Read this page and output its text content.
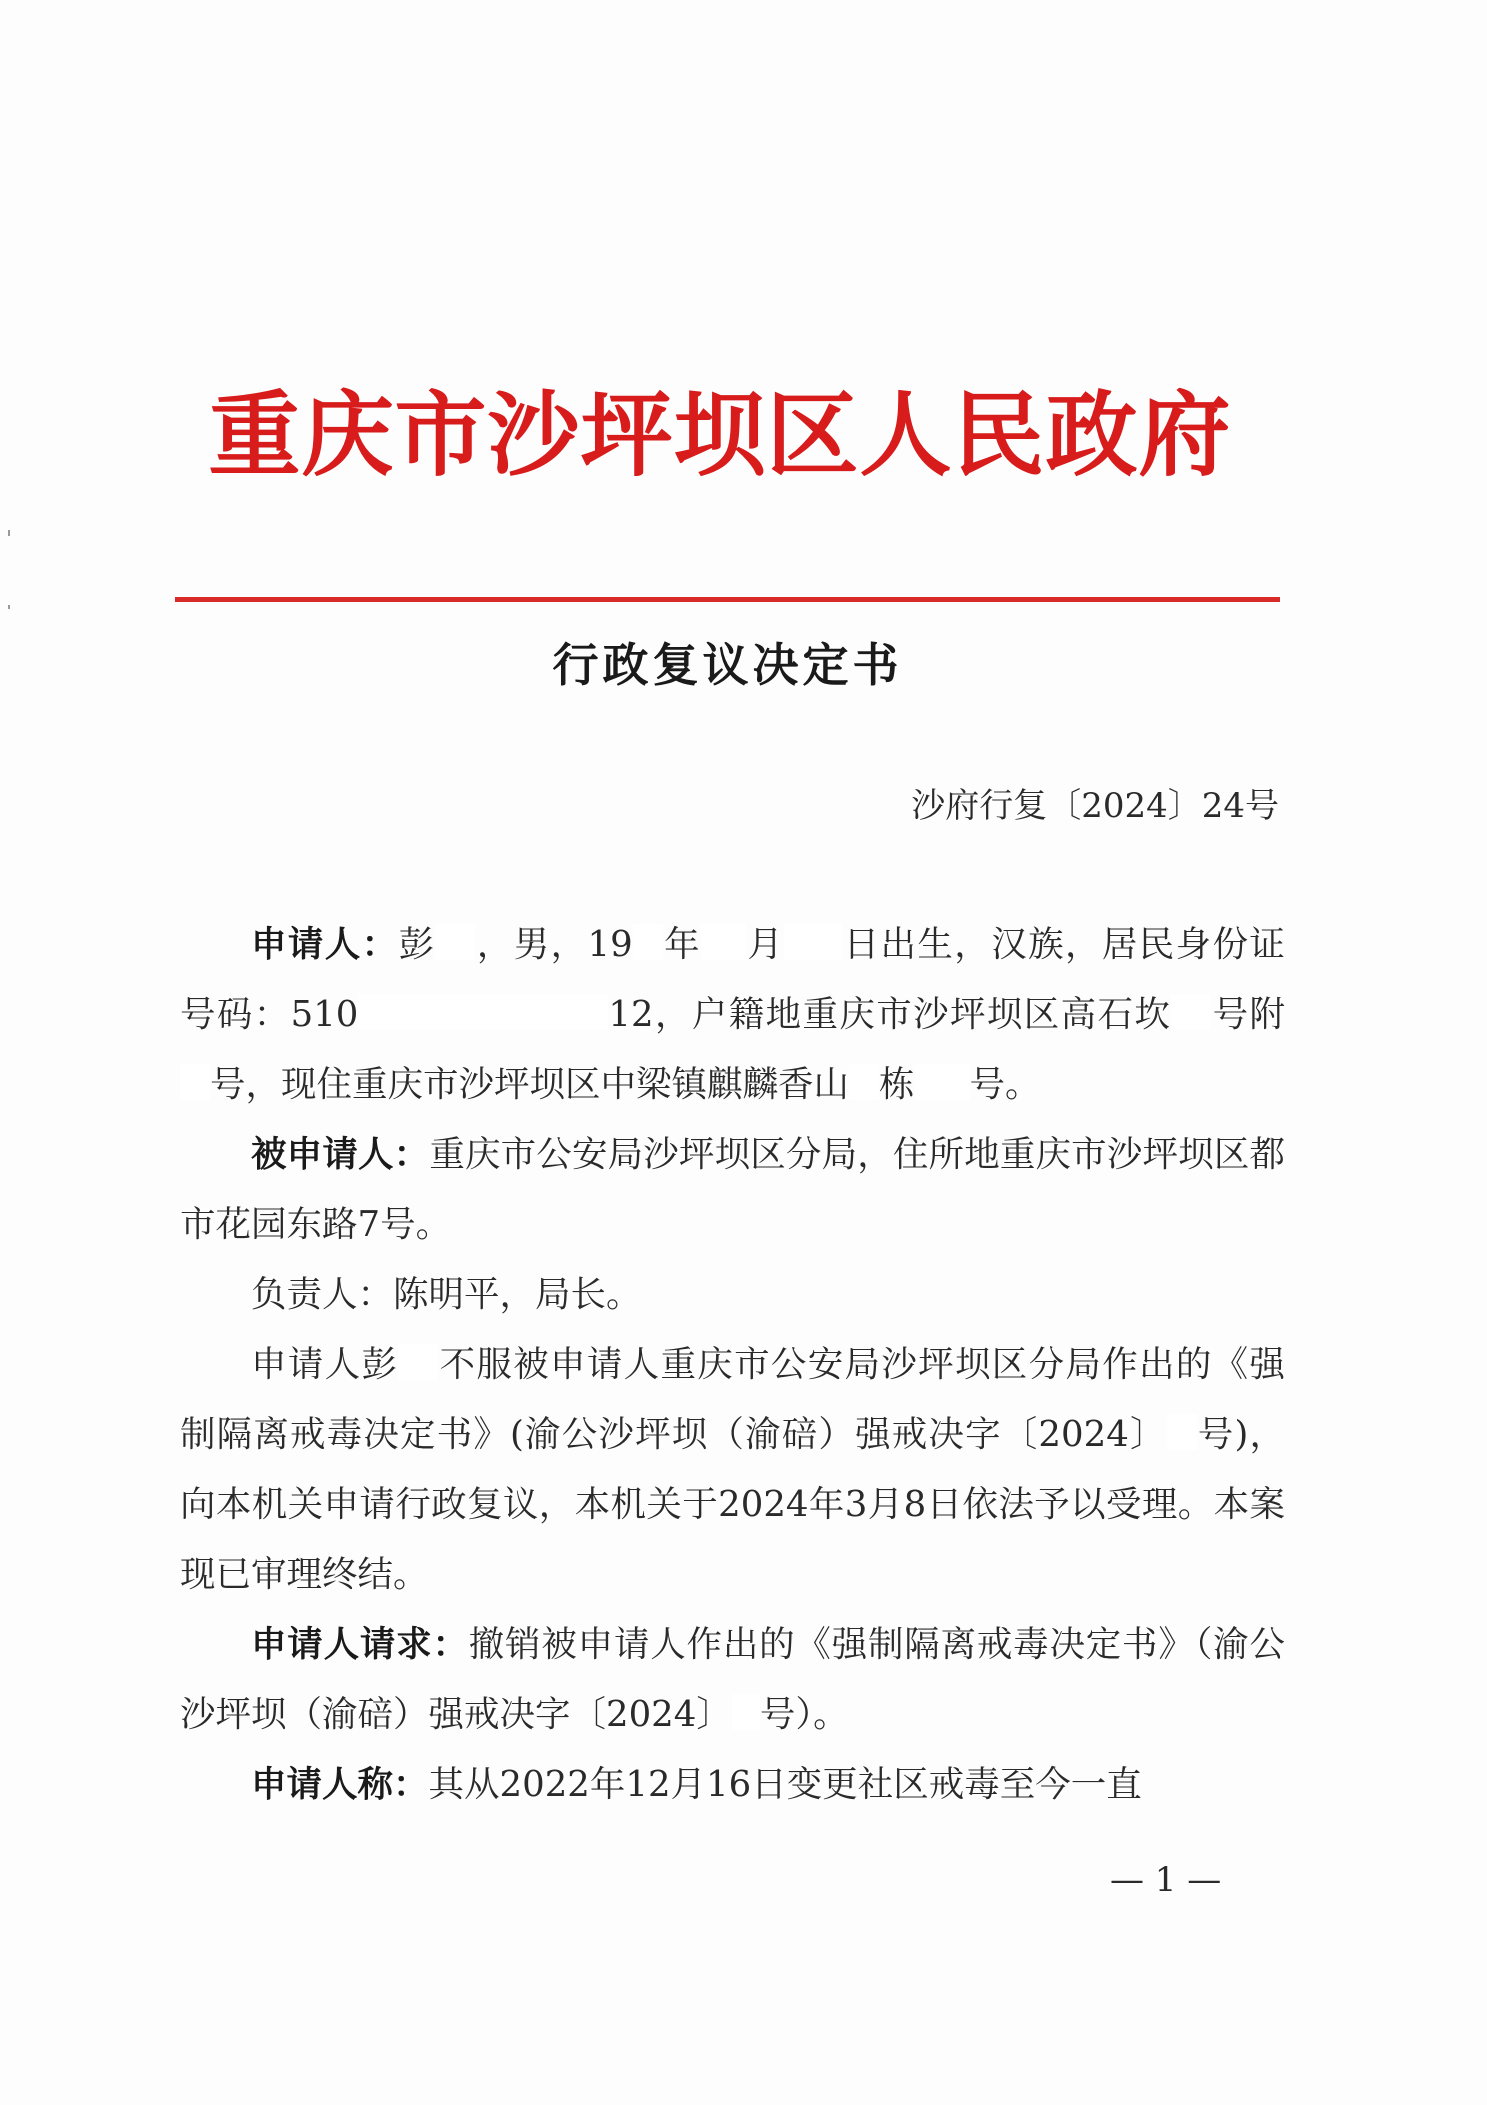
重庆市沙坪坝区人民政府
行政复议决定书
沙府行复〔2024〕24号

申请人：彭 ，男，19 年 月 日出生，汉族，居民身份证号码：510	12，户籍地重庆市沙坪坝区高石坎 号附号，现住重庆市沙坪坝区中梁镇麒麟香山 栋 号。

被申请人：重庆市公安局沙坪坝区分局，住所地重庆市沙坪坝区都市花园东路7号。

负责人：陈明平，局长。

申请人彭 不服被申请人重庆市公安局沙坪坝区分局作出的《强制隔离戒毒决定书》(渝公沙坪坝（渝碚）强戒决字〔2024〕 号)，向本机关申请行政复议，本机关于2024年3月8日依法予以受理。本案现已审理终结。

申请人请求：撤销被申请人作出的《强制隔离戒毒决定书》（渝公沙坪坝（渝碚）强戒决字〔2024〕 号）。

申请人称：其从2022年12月16日变更社区戒毒至今一直

— 1 —
